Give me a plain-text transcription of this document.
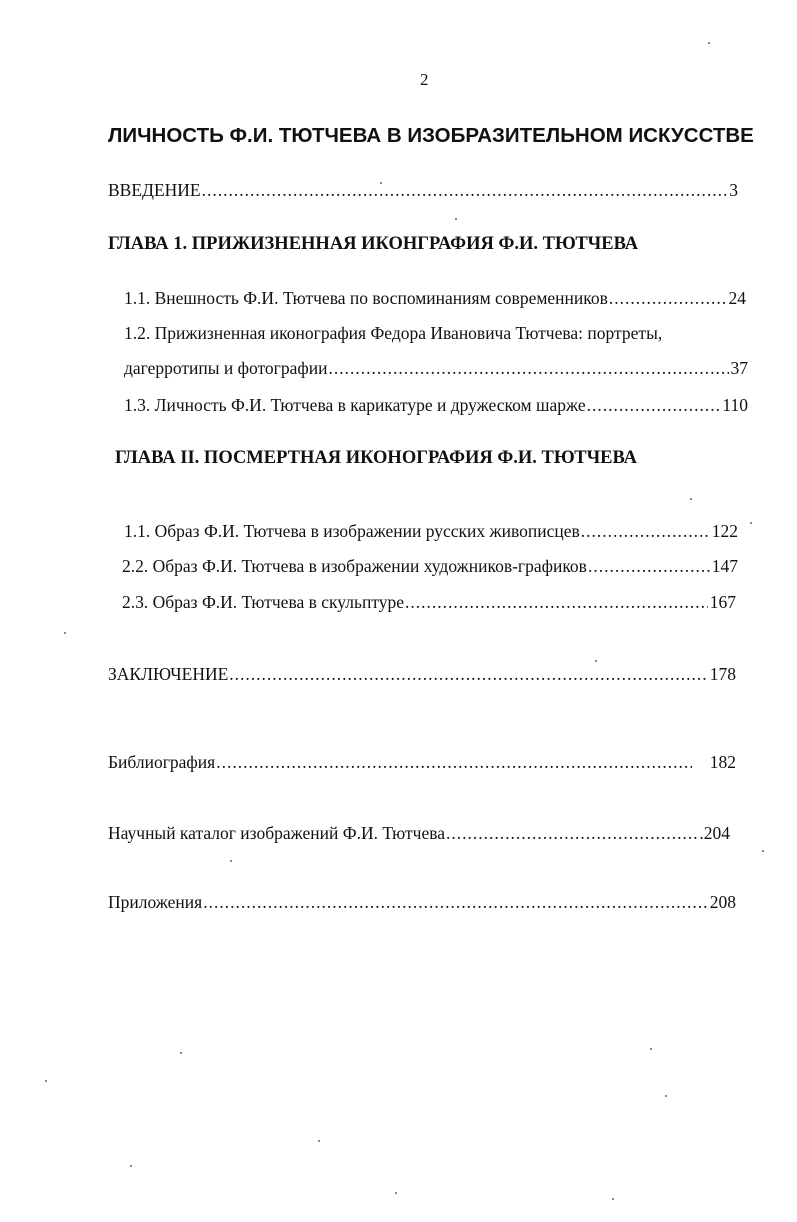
2
ЛИЧНОСТЬ Ф.И. ТЮТЧЕВА В ИЗОБРАЗИТЕЛЬНОМ ИСКУССТВЕ
ВВЕДЕНИЕ .....	3
ГЛАВА 1. ПРИЖИЗНЕННАЯ ИКОНГРАФИЯ Ф.И. ТЮТЧЕВА
1.1. Внешность Ф.И. Тютчева по воспоминаниям современников .....	24
1.2. Прижизненная иконография Федора Ивановича Тютчева: портреты,
дагерротипы и фотографии .....	37
1.3. Личность Ф.И. Тютчева в карикатуре и дружеском шарже .....	110
ГЛАВА II. ПОСМЕРТНАЯ ИКОНОГРАФИЯ Ф.И. ТЮТЧЕВА
1.1. Образ Ф.И. Тютчева в изображении русских живописцев .....	122
2.2. Образ Ф.И. Тютчева в изображении художников-графиков .....	147
2.3. Образ Ф.И. Тютчева в скульптуре .....	167
ЗАКЛЮЧЕНИЕ .....	178
Библиография .....	182
Научный каталог изображений Ф.И. Тютчева .....	.204
Приложения .....	208
